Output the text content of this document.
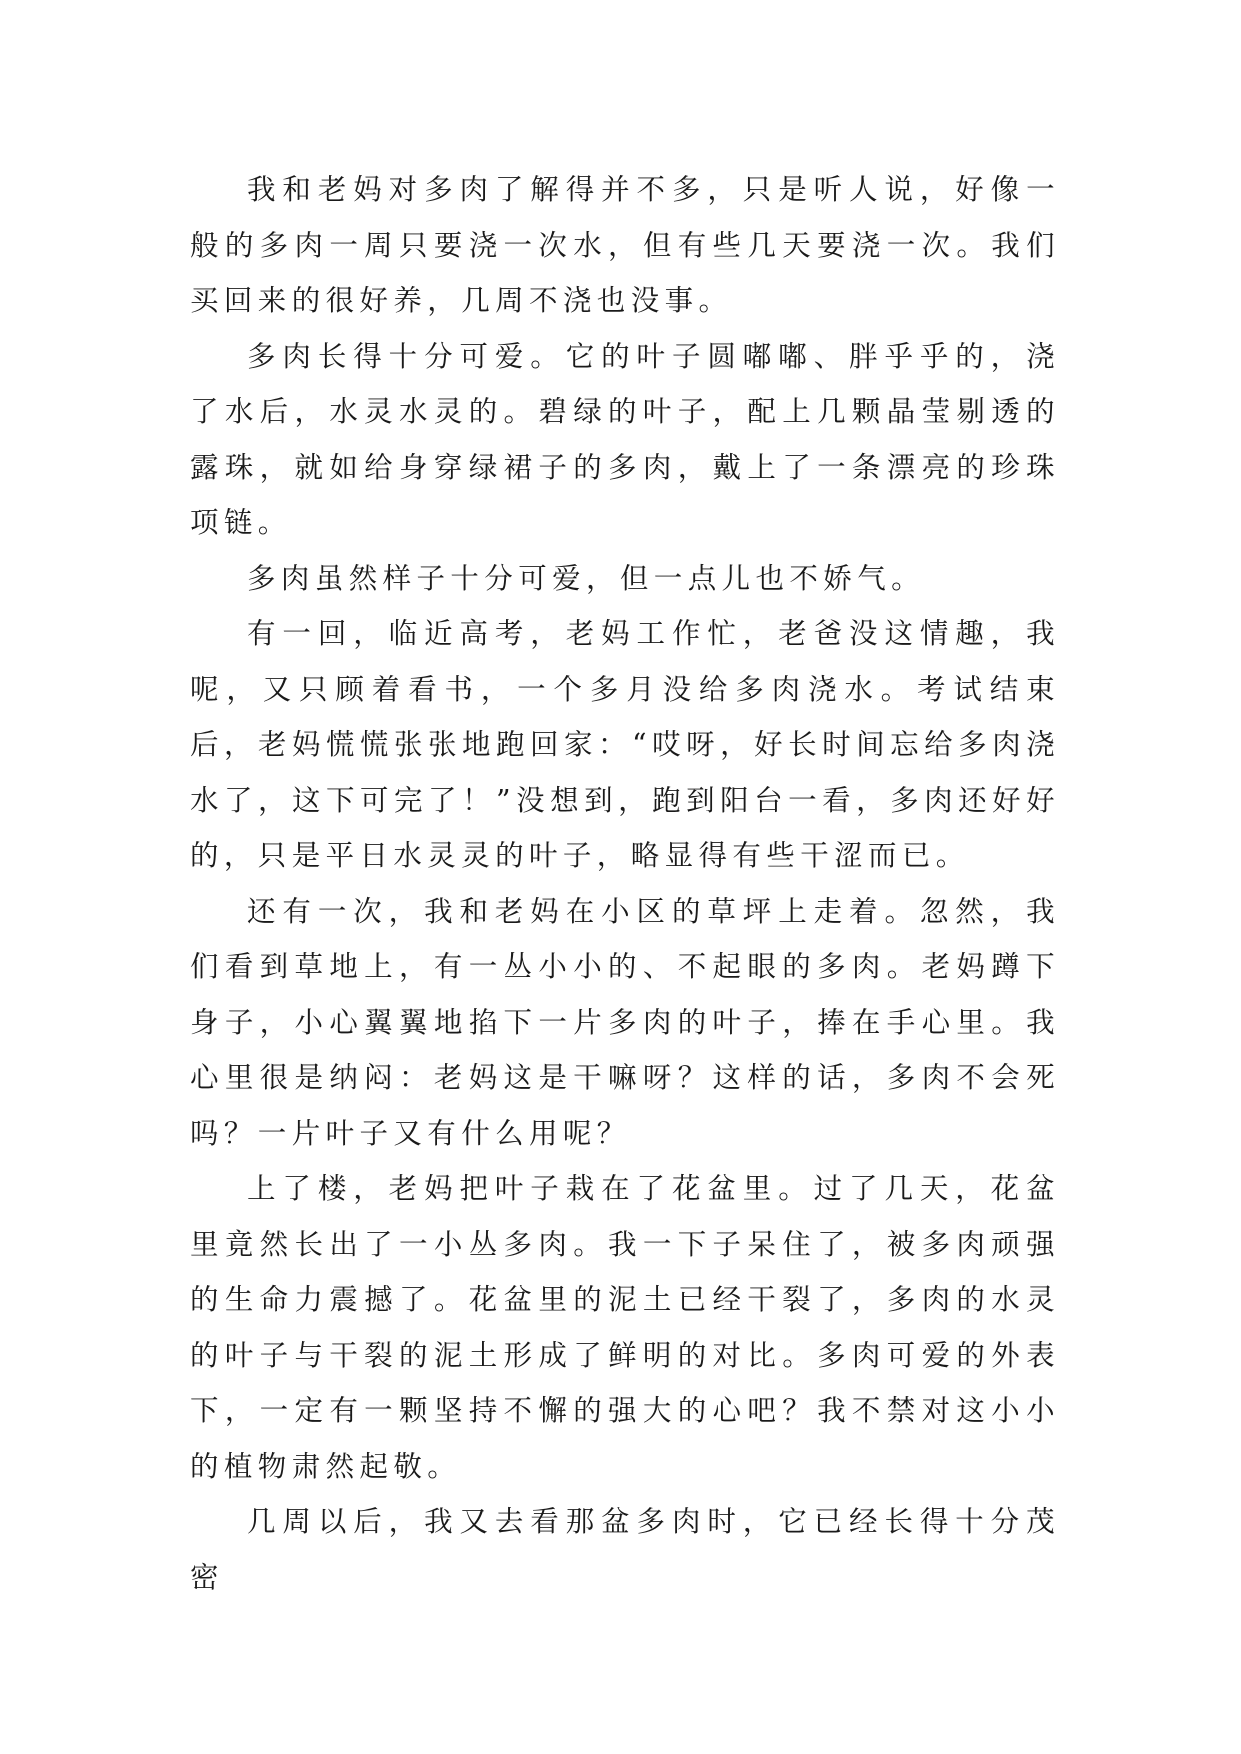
我和老妈对多肉了解得并不多，只是听人说，好像一般的多肉一周只要浇一次水，但有些几天要浇一次。我们买回来的很好养，几周不浇也没事。

多肉长得十分可爱。它的叶子圆嘟嘟、胖乎乎的，浇了水后，水灵水灵的。碧绿的叶子，配上几颗晶莹剔透的露珠，就如给身穿绿裙子的多肉，戴上了一条漂亮的珍珠项链。

多肉虽然样子十分可爱，但一点儿也不娇气。

有一回，临近高考，老妈工作忙，老爸没这情趣，我呢，又只顾着看书，一个多月没给多肉浇水。考试结束后，老妈慌慌张张地跑回家：“哎呀，好长时间忘给多肉浇水了，这下可完了！”没想到，跑到阳台一看，多肉还好好的，只是平日水灵灵的叶子，略显得有些干涩而已。

还有一次，我和老妈在小区的草坪上走着。忽然，我们看到草地上，有一丛小小的、不起眼的多肉。老妈蹲下身子，小心翼翼地掐下一片多肉的叶子，捧在手心里。我心里很是纳闷：老妈这是干嘛呀？这样的话，多肉不会死吗？一片叶子又有什么用呢？

上了楼，老妈把叶子栽在了花盆里。过了几天，花盆里竟然长出了一小丛多肉。我一下子呆住了，被多肉顽强的生命力震撼了。花盆里的泥土已经干裂了，多肉的水灵的叶子与干裂的泥土形成了鲜明的对比。多肉可爱的外表下，一定有一颗坚持不懈的强大的心吧？我不禁对这小小的植物肃然起敬。

几周以后，我又去看那盆多肉时，它已经长得十分茂密
